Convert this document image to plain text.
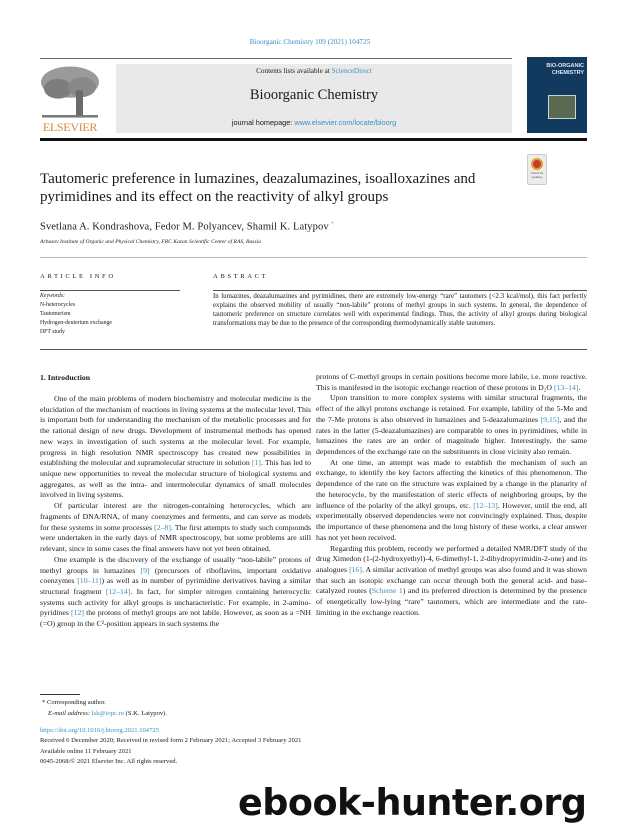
Bioorganic Chemistry 109 (2021) 104725
ELSEVIER
Contents lists available at ScienceDirect
Bioorganic Chemistry
journal homepage: www.elsevier.com/locate/bioorg
BIO-ORGANIC CHEMISTRY
Check for updates
Tautomeric preference in lumazines, deazalumazines, isoalloxazines and pyrimidines and its effect on the reactivity of alkyl groups
Svetlana A. Kondrashova, Fedor M. Polyancev, Shamil K. Latypov *
Arbuzov Institute of Organic and Physical Chemistry, FRC Kazan Scientific Center of RAS, Russia
ARTICLE INFO	ABSTRACT
Keywords:
N-heterocycles
Tautomerism
Hydrogen-deuterium exchange
DFT study
In lumazines, deazalumazines and pyrimidines, there are extremely low-energy “rare” tautomers (<2.3 kcal/mol), this fact perfectly explains the observed mobility of usually “non-labile” protons of methyl groups in such systems. In general, the dependence of tautomeric preference on structure correlates well with experimental findings. Thus, the activity of alkyl groups during biological transformations may be due to the presence of the corresponding thermodynamically stable tautomers.
1. Introduction

One of the main problems of modern biochemistry and molecular medicine is the elucidation of the mechanism of reactions in living systems at the molecular level. This is important both for understanding the mechanism of the metabolic processes and for the rational design of new drugs. Development of instrumental methods has opened new ways in investigation of such systems at the molecular level. For example, progress in high resolution NMR spectroscopy has created new possibilities in establishing the molecular and supramolecular structure in solution [1]. This has led to unique new opportunities to reveal the molecular structure of biological systems and aggregates, as well as the intra- and intermolecular dynamics of small molecules involved in living systems.

Of particular interest are the nitrogen-containing heterocycles, which are fragments of DNA/RNA, of many coenzymes and ferments, and can serve as models for these systems in some processes [2–8]. The first attempts to study such compounds were undertaken in the early days of NMR spectroscopy, but some problems are still relevant, since in some cases the final answers have not yet been obtained.

One example is the discovery of the exchange of usually “non-labile” protons of methyl groups in lumazines [9] (precursors of riboflavins, important oxidative coenzymes [10–11]) as well as in number of pyrimidine derivatives having a similar structural fragment [12–14]. In fact, for simpler nitrogen containing heterocyclic systems such activity for alkyl groups is uncharacteristic. For example, in 2-amino-pyridines [12] the protons of methyl groups are not labile. However, as soon as a =NH (=O) group in the C²-position appears in such systems the

protons of C-methyl groups in certain positions become more labile, i.e. more reactive. This is manifested in the isotopic exchange reaction of these protons in D₂O [13–14].

Upon transition to more complex systems with similar structural fragments, the effect of the alkyl protons exchange is retained. For example, lability of the 5-Me and the 7-Me protons is also observed in lumazines and 5-deazalumazines [9,15], and the rates in the latter (5-deazalumazines) are comparable to ones in pyrimidines, while in lumazines the rates are an order of magnitude higher. Interestingly, the same dependences of the exchange rate on the substituents in close vicinity also remain.

At one time, an attempt was made to establish the mechanism of such an exchange, to identify the key factors affecting the kinetics of this phenomenon. The dependence of the rate on the structure was explained by a change in the planarity of the heterocycle, by the manifestation of steric effects of neighboring groups, by the influence of the polarity of the alkyl groups, etc. [12–13]. However, until the end, all experimentally observed dependencies were not convincingly explained. Thus, despite the importance of these phenomena and the long history of these works, a clear answer has not yet been received.

Regarding this problem, recently we performed a detailed NMR/DFT study of the drug Ximedon (1-(2-hydroxyethyl)-4, 6-dimethyl-1, 2-dihydropyrimidin-2-one) and its analogues [16]. A similar activation of methyl groups was also found and it was shown that such an isotopic exchange can occur through both the general acid- and base-catalyzed routes (Scheme 1) and its preferred direction is determined by the presence of energetically low-lying “rare” tautomers, which are intermediate and the rate-limiting in the exchange reaction.

* Corresponding author.
E-mail address: lsk@iopc.ru (S.K. Latypov).
https://doi.org/10.1016/j.bioorg.2021.104725
Received 6 December 2020; Received in revised form 2 February 2021; Accepted 3 February 2021
Available online 11 February 2021
0045-2068/© 2021 Elsevier Inc. All rights reserved.
ebook-hunter.org
